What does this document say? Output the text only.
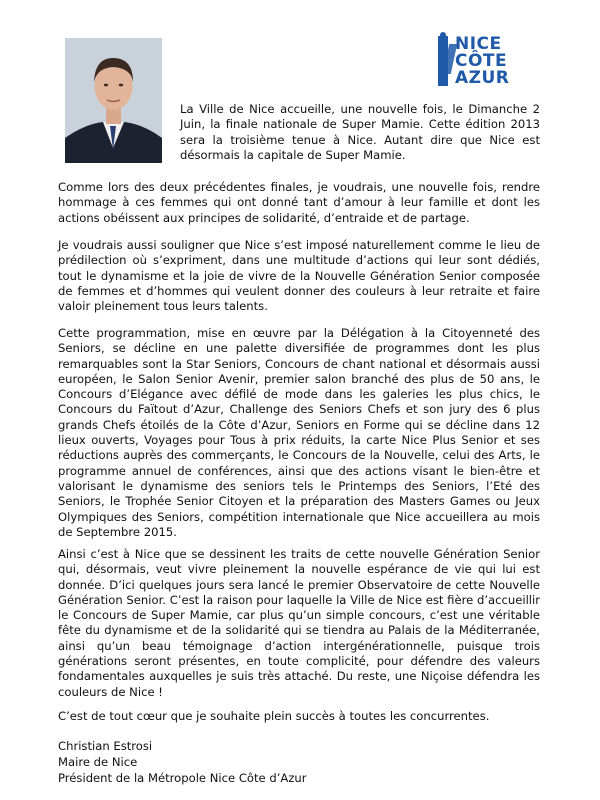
NICE
CÔTE
AZUR

La Ville de Nice accueille, une nouvelle fois, le Dimanche 2 Juin, la finale nationale de Super Mamie. Cette édition 2013 sera la troisième tenue à Nice. Autant dire que Nice est désormais la capitale de Super Mamie.

Comme lors des deux précédentes finales, je voudrais, une nouvelle fois, rendre hommage à ces femmes qui ont donné tant d’amour à leur famille et dont les actions obéissent aux principes de solidarité, d’entraide et de partage.

Je voudrais aussi souligner que Nice s’est imposé naturellement comme le lieu de prédilection où s’expriment, dans une multitude d’actions qui leur sont dédiés, tout le dynamisme et la joie de vivre de la Nouvelle Génération Senior composée de femmes et d’hommes qui veulent donner des couleurs à leur retraite et faire valoir pleinement tous leurs talents.

Cette programmation, mise en œuvre par la Délégation à la Citoyenneté des Seniors, se décline en une palette diversifiée de programmes dont les plus remarquables sont la Star Seniors, Concours de chant national et désormais aussi européen, le Salon Senior Avenir, premier salon branché des plus de 50 ans, le Concours d’Elégance avec défilé de mode dans les galeries les plus chics, le Concours du Faïtout d’Azur, Challenge des Seniors Chefs et son jury des 6 plus grands Chefs étoilés de la Côte d’Azur, Seniors en Forme qui se décline dans 12 lieux ouverts, Voyages pour Tous à prix réduits, la carte Nice Plus Senior et ses réductions auprès des commerçants, le Concours de la Nouvelle, celui des Arts, le programme annuel de conférences, ainsi que des actions visant le bien-être et valorisant le dynamisme des seniors tels le Printemps des Seniors, l’Eté des Seniors, le Trophée Senior Citoyen et la préparation des Masters Games ou Jeux Olympiques des Seniors, compétition internationale que Nice accueillera au mois de Septembre 2015.

Ainsi c’est à Nice que se dessinent les traits de cette nouvelle Génération Senior qui, désormais, veut vivre pleinement la nouvelle espérance de vie qui lui est donnée. D’ici quelques jours sera lancé le premier Observatoire de cette Nouvelle Génération Senior. C’est la raison pour laquelle la Ville de Nice est fière d’accueillir le Concours de Super Mamie, car plus qu’un simple concours, c’est une véritable fête du dynamisme et de la solidarité qui se tiendra au Palais de la Méditerranée, ainsi qu’un beau témoignage d’action intergénérationnelle, puisque trois générations seront présentes, en toute complicité, pour défendre des valeurs fondamentales auxquelles je suis très attaché. Du reste, une Niçoise défendra les couleurs de Nice !

C’est de tout cœur que je souhaite plein succès à toutes les concurrentes.

Christian Estrosi
Maire de Nice
Président de la Métropole Nice Côte d’Azur
